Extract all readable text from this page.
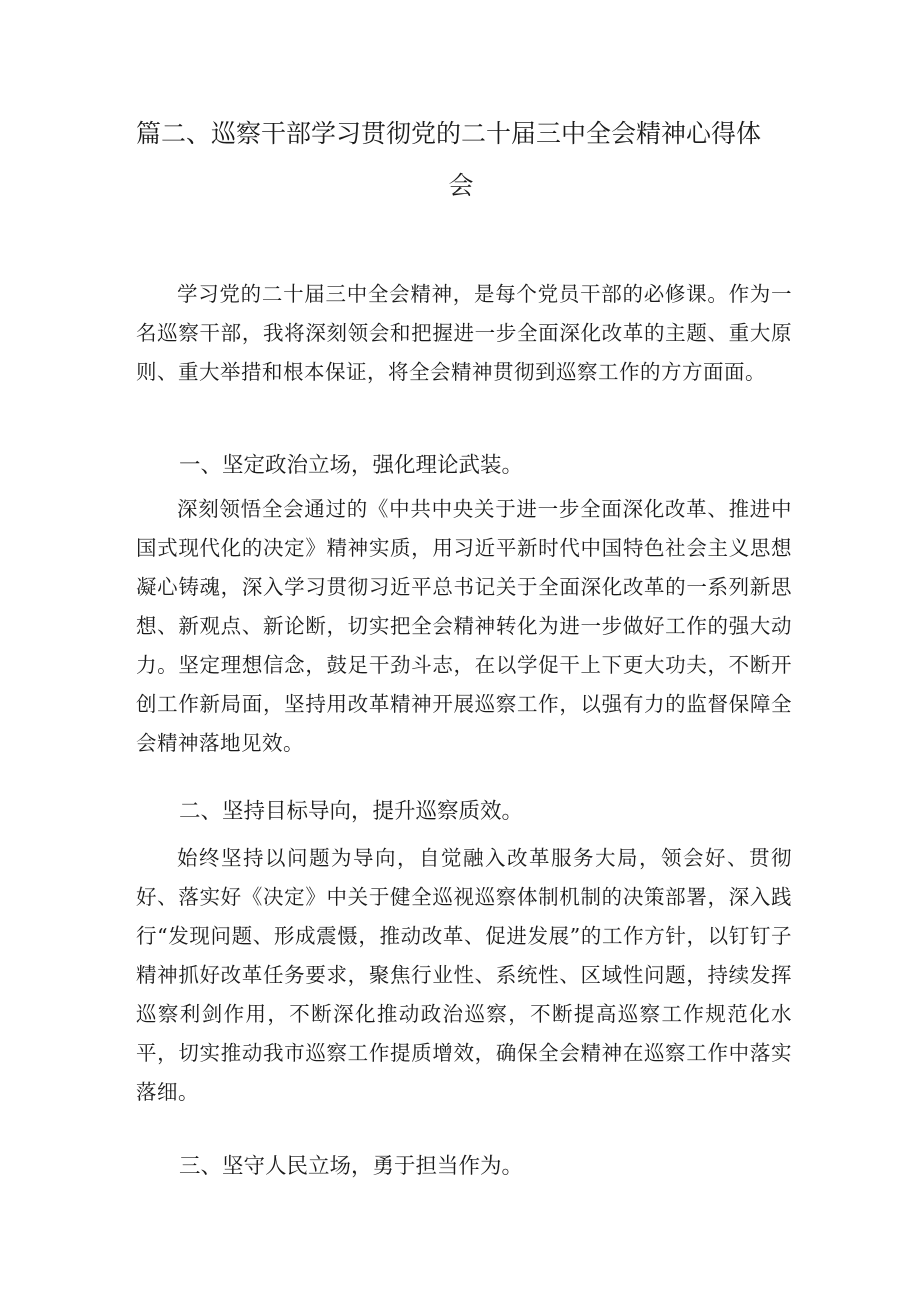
篇二、巡察干部学习贯彻党的二十届三中全会精神心得体
会

学习党的二十届三中全会精神，是每个党员干部的必修课。作为一名巡察干部，我将深刻领会和把握进一步全面深化改革的主题、重大原则、重大举措和根本保证，将全会精神贯彻到巡察工作的方方面面。

一、坚定政治立场，强化理论武装。

深刻领悟全会通过的《中共中央关于进一步全面深化改革、推进中国式现代化的决定》精神实质，用习近平新时代中国特色社会主义思想凝心铸魂，深入学习贯彻习近平总书记关于全面深化改革的一系列新思想、新观点、新论断，切实把全会精神转化为进一步做好工作的强大动力。坚定理想信念，鼓足干劲斗志，在以学促干上下更大功夫，不断开创工作新局面，坚持用改革精神开展巡察工作，以强有力的监督保障全会精神落地见效。

二、坚持目标导向，提升巡察质效。

始终坚持以问题为导向，自觉融入改革服务大局，领会好、贯彻好、落实好《决定》中关于健全巡视巡察体制机制的决策部署，深入践行“发现问题、形成震慑，推动改革、促进发展”的工作方针，以钉钉子精神抓好改革任务要求，聚焦行业性、系统性、区域性问题，持续发挥巡察利剑作用，不断深化推动政治巡察，不断提高巡察工作规范化水平，切实推动我市巡察工作提质增效，确保全会精神在巡察工作中落实落细。

三、坚守人民立场，勇于担当作为。
